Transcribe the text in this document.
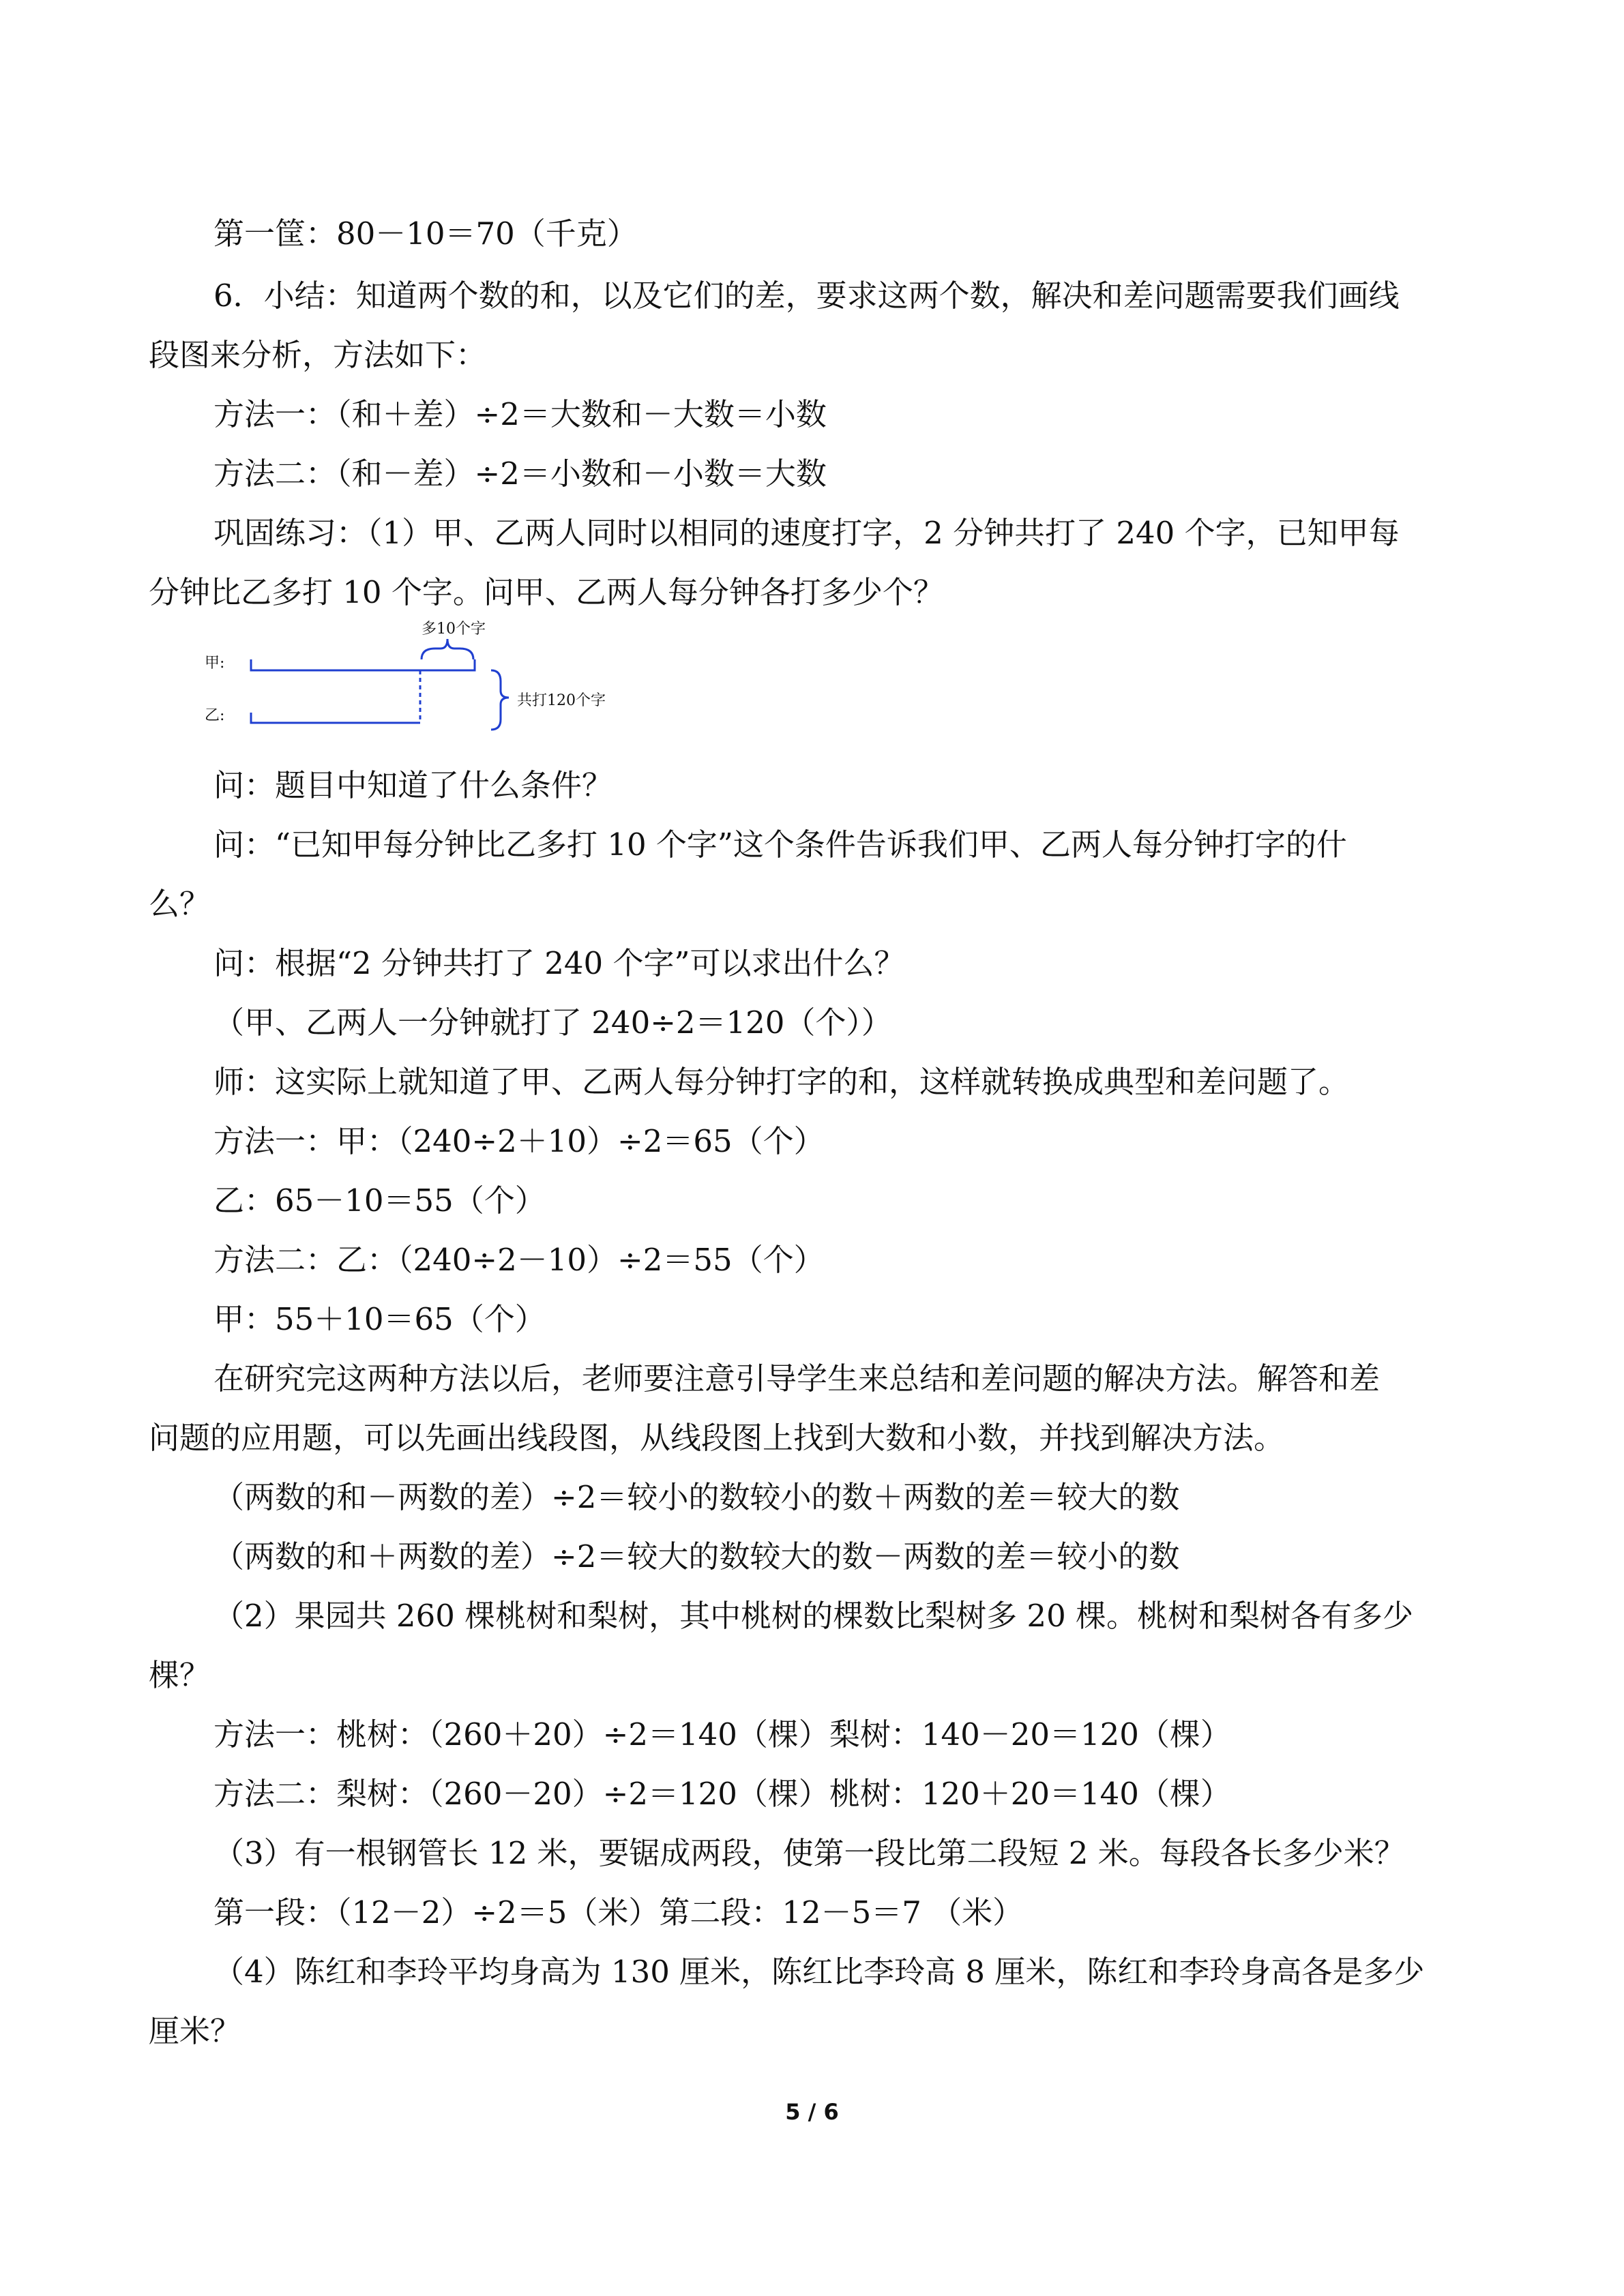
第一筐：80－10＝70（千克）
6．小结：知道两个数的和，以及它们的差，要求这两个数，解决和差问题需要我们画线
段图来分析，方法如下：
方法一：（和＋差）÷2＝大数和－大数＝小数
方法二：（和－差）÷2＝小数和－小数＝大数
巩固练习：（1）甲、乙两人同时以相同的速度打字，2 分钟共打了 240 个字，已知甲每
分钟比乙多打 10 个字。问甲、乙两人每分钟各打多少个？
甲:
乙:
多10个字
共打120个字
问：题目中知道了什么条件？
问：“已知甲每分钟比乙多打 10 个字”这个条件告诉我们甲、乙两人每分钟打字的什
么？
问：根据“2 分钟共打了 240 个字”可以求出什么？
（甲、乙两人一分钟就打了 240÷2＝120（个））
师：这实际上就知道了甲、乙两人每分钟打字的和，这样就转换成典型和差问题了。
方法一：甲：（240÷2＋10）÷2＝65（个）
乙：65－10＝55（个）
方法二：乙：（240÷2－10）÷2＝55（个）
甲：55＋10＝65（个）
在研究完这两种方法以后，老师要注意引导学生来总结和差问题的解决方法。解答和差
问题的应用题，可以先画出线段图，从线段图上找到大数和小数，并找到解决方法。
（两数的和－两数的差）÷2＝较小的数较小的数＋两数的差＝较大的数
（两数的和＋两数的差）÷2＝较大的数较大的数－两数的差＝较小的数
（2）果园共 260 棵桃树和梨树，其中桃树的棵数比梨树多 20 棵。桃树和梨树各有多少
棵？
方法一：桃树：（260＋20）÷2＝140（棵）梨树：140－20＝120（棵）
方法二：梨树：（260－20）÷2＝120（棵）桃树：120＋20＝140（棵）
（3）有一根钢管长 12 米，要锯成两段，使第一段比第二段短 2 米。每段各长多少米？
第一段：（12－2）÷2＝5（米）第二段：12－5＝7 （米）
（4）陈红和李玲平均身高为 130 厘米，陈红比李玲高 8 厘米，陈红和李玲身高各是多少
厘米？
5 / 6
